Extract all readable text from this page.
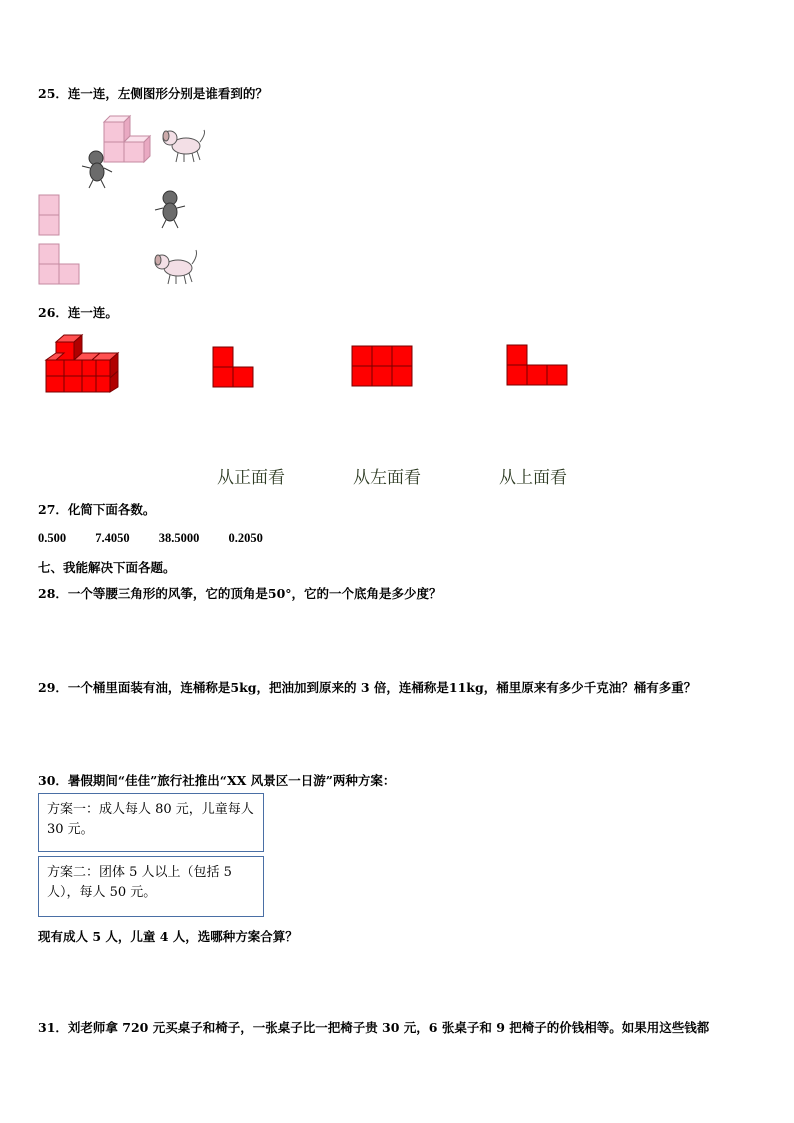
25．连一连，左侧图形分别是谁看到的？
26．连一连。
从正面看	从左面看	从上面看
27．化简下面各数。
0.500 7.4050 38.5000 0.2050
七、我能解决下面各题。
28．一个等腰三角形的风筝，它的顶角是50°，它的一个底角是多少度？
29．一个桶里面装有油，连桶称是5kg，把油加到原来的 3 倍，连桶称是11kg，桶里原来有多少千克油？桶有多重？
30．暑假期间“佳佳”旅行社推出“XX 风景区一日游”两种方案：
方案一：成人每人 80 元，儿童每人 30 元。
方案二：团体 5 人以上（包括 5 人），每人 50 元。
现有成人 5 人，儿童 4 人，选哪种方案合算？
31．刘老师拿 720 元买桌子和椅子，一张桌子比一把椅子贵 30 元，6 张桌子和 9 把椅子的价钱相等。如果用这些钱都
